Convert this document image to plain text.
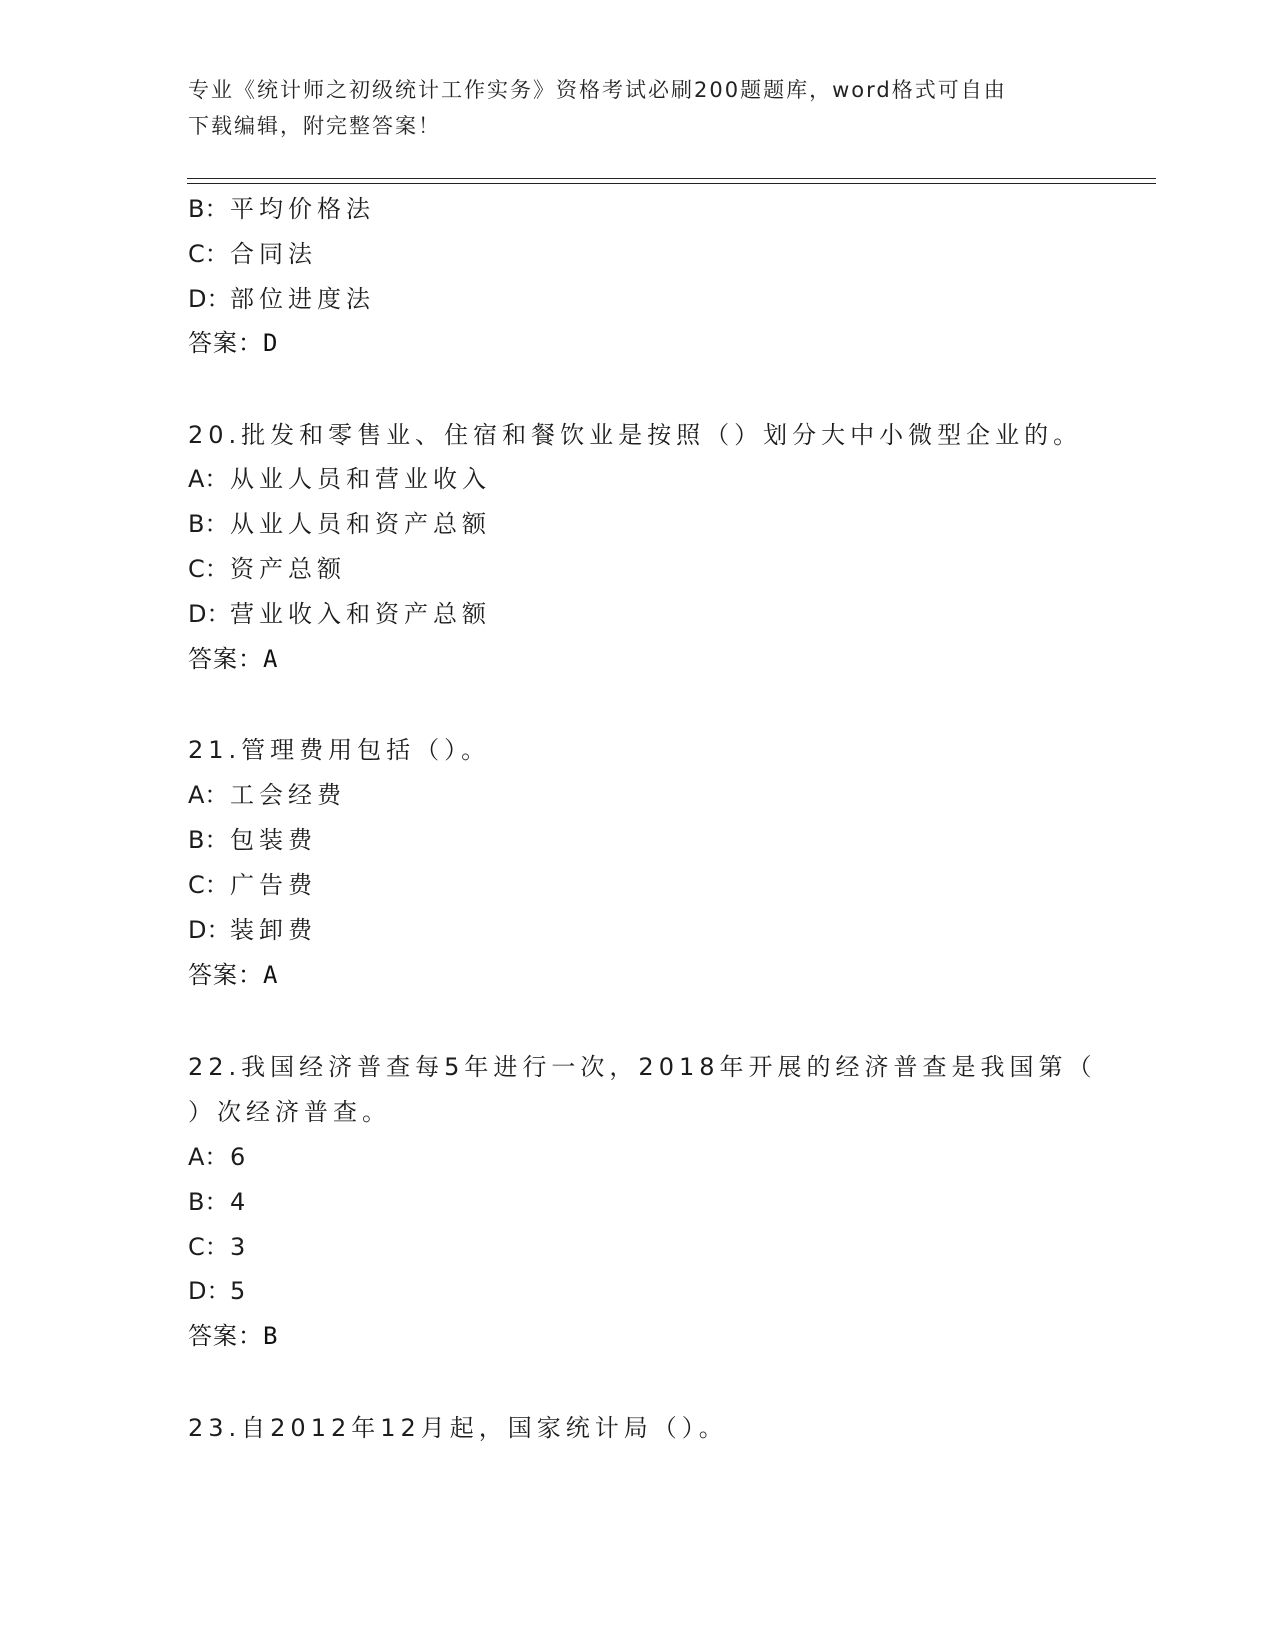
专业《统计师之初级统计工作实务》资格考试必刷200题题库，word格式可自由
下载编辑，附完整答案！
B：平均价格法
C：合同法
D：部位进度法
答案：D
20.批发和零售业、住宿和餐饮业是按照（）划分大中小微型企业的。
A：从业人员和营业收入
B：从业人员和资产总额
C：资产总额
D：营业收入和资产总额
答案：A
21.管理费用包括（）。
A：工会经费
B：包装费
C：广告费
D：装卸费
答案：A
22.我国经济普查每5年进行一次，2018年开展的经济普查是我国第（
）次经济普查。
A：6
B：4
C：3
D：5
答案：B
23.自2012年12月起，国家统计局（）。
